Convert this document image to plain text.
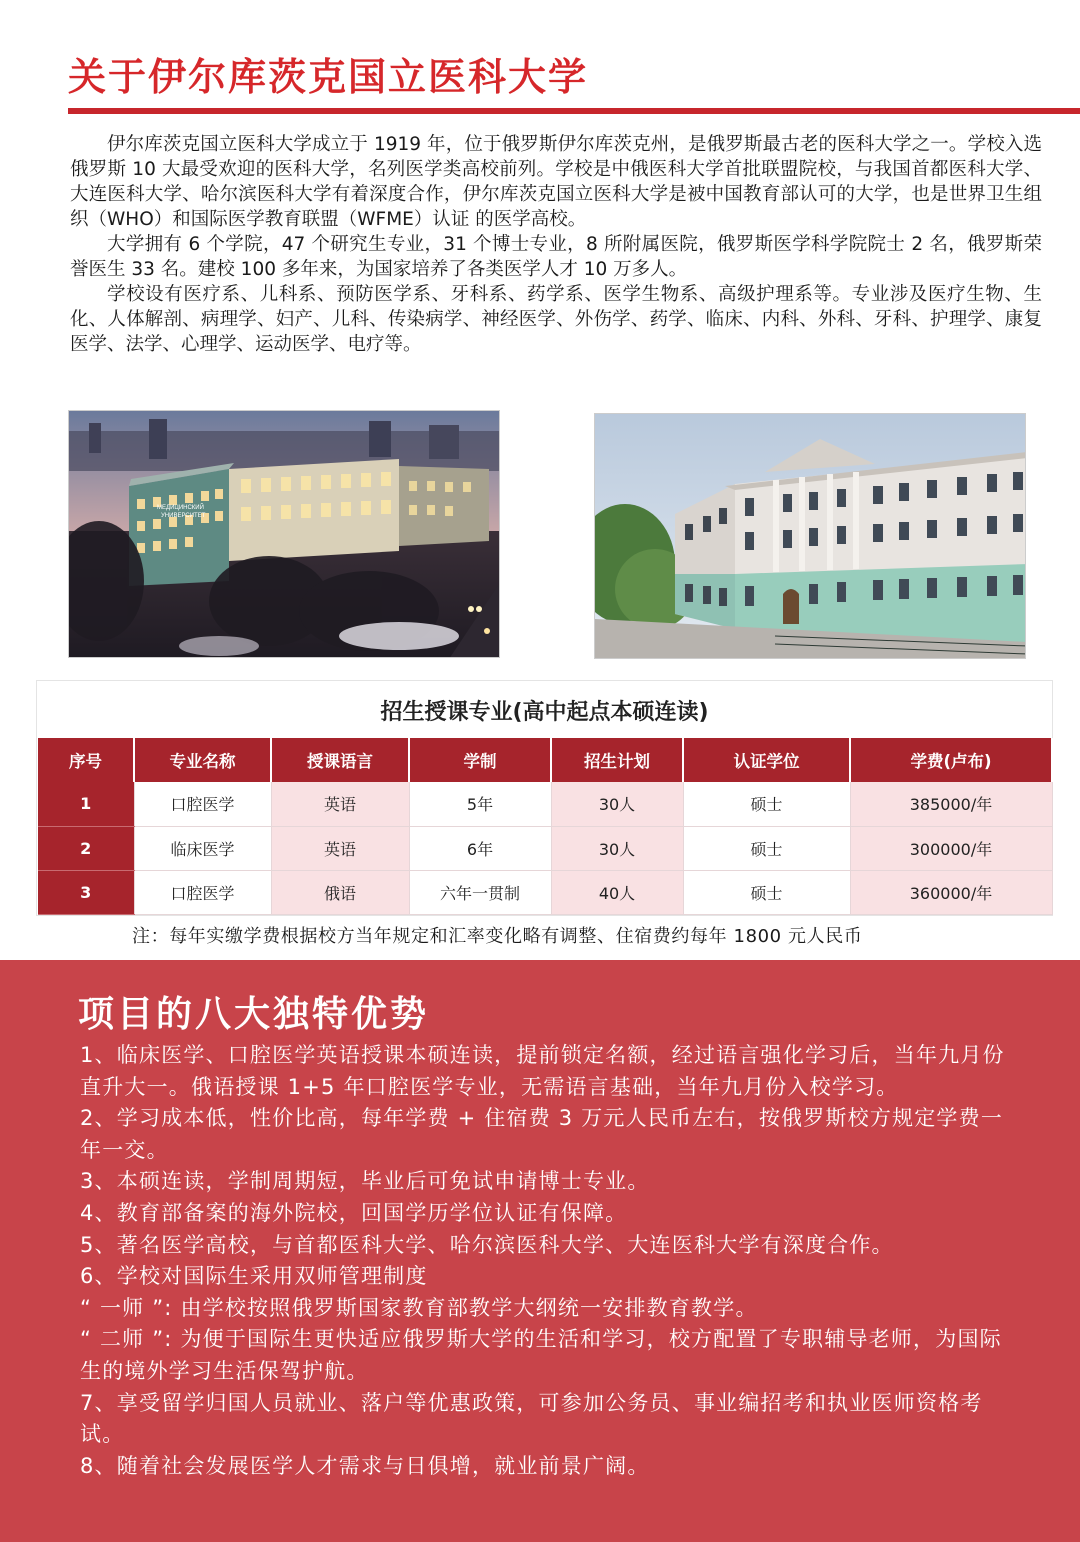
关于伊尔库茨克国立医科大学

伊尔库茨克国立医科大学成立于 1919 年，位于俄罗斯伊尔库茨克州，是俄罗斯最古老的医科大学之一。学校入选俄罗斯 10 大最受欢迎的医科大学，名列医学类高校前列。学校是中俄医科大学首批联盟院校，与我国首都医科大学、大连医科大学、哈尔滨医科大学有着深度合作，伊尔库茨克国立医科大学是被中国教育部认可的大学，也是世界卫生组织（WHO）和国际医学教育联盟（WFME）认证 的医学高校。

大学拥有 6 个学院，47 个研究生专业，31 个博士专业，8 所附属医院，俄罗斯医学科学院院士 2 名，俄罗斯荣誉医生 33 名。建校 100 多年来，为国家培养了各类医学人才 10 万多人。

学校设有医疗系、儿科系、预防医学系、牙科系、药学系、医学生物系、高级护理系等。专业涉及医疗生物、生化、人体解剖、病理学、妇产、儿科、传染病学、神经医学、外伤学、药学、临床、内科、外科、牙科、护理学、康复医学、法学、心理学、运动医学、电疗等。

МЕДИЦИНСКИЙ
УНИВЕРСИТЕТ
招生授课专业(高中起点本硕连读)
序号	专业名称	授课语言	学制	招生计划	认证学位	学费(卢布)
1	口腔医学	英语	5年	30人	硕士	385000/年
2	临床医学	英语	6年	30人	硕士	300000/年
3	口腔医学	俄语	六年一贯制	40人	硕士	360000/年
注：每年实缴学费根据校方当年规定和汇率变化略有调整、住宿费约每年 1800 元人民币
项目的八大独特优势
1、临床医学、口腔医学英语授课本硕连读，提前锁定名额，经过语言强化学习后，当年九月份直升大一。俄语授课 1+5 年口腔医学专业，无需语言基础，当年九月份入校学习。
2、学习成本低，性价比高，每年学费 + 住宿费 3 万元人民币左右，按俄罗斯校方规定学费一年一交。
3、本硕连读，学制周期短，毕业后可免试申请博士专业。
4、教育部备案的海外院校，回国学历学位认证有保障。
5、著名医学高校，与首都医科大学、哈尔滨医科大学、大连医科大学有深度合作。
6、学校对国际生采用双师管理制度
“ 一师 ”: 由学校按照俄罗斯国家教育部教学大纲统一安排教育教学。
“ 二师 ”: 为便于国际生更快适应俄罗斯大学的生活和学习，校方配置了专职辅导老师，为国际生的境外学习生活保驾护航。
7、享受留学归国人员就业、落户等优惠政策，可参加公务员、事业编招考和执业医师资格考试。
8、随着社会发展医学人才需求与日俱增，就业前景广阔。
